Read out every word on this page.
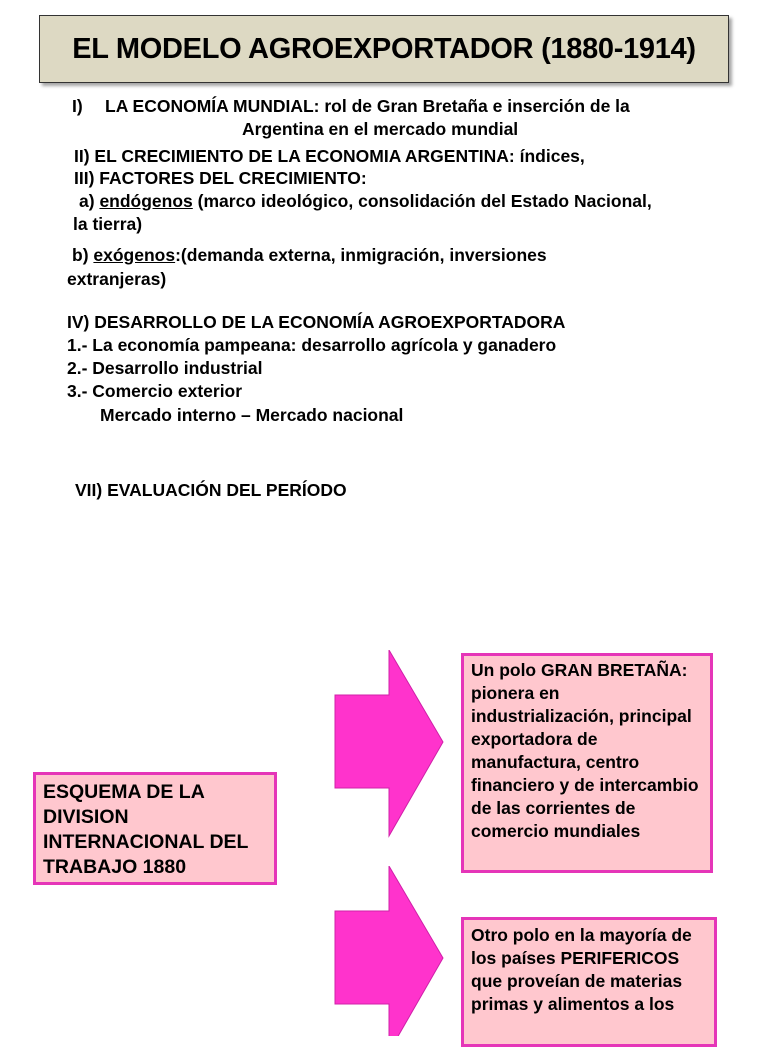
EL MODELO AGROEXPORTADOR (1880-1914)
I) LA ECONOMÍA MUNDIAL: rol de Gran Bretaña e inserción de la
Argentina en el mercado mundial
II) EL CRECIMIENTO DE LA ECONOMIA ARGENTINA: índices,
III) FACTORES DEL CRECIMIENTO:
a) endógenos (marco ideológico, consolidación del Estado Nacional,
la tierra)
b) exógenos:(demanda externa, inmigración, inversiones
extranjeras)
IV) DESARROLLO DE LA ECONOMÍA AGROEXPORTADORA
1.- La economía pampeana: desarrollo agrícola y ganadero
2.- Desarrollo industrial
3.- Comercio exterior
Mercado interno – Mercado nacional
VII) EVALUACIÓN DEL PERÍODO
ESQUEMA DE LA DIVISION INTERNACIONAL DEL TRABAJO 1880
Un polo GRAN BRETAÑA: pionera en industrialización, principal exportadora de manufactura, centro financiero y de intercambio de las corrientes de comercio mundiales
Otro polo en la mayoría de los países PERIFERICOS que proveían de materias primas y alimentos a los
